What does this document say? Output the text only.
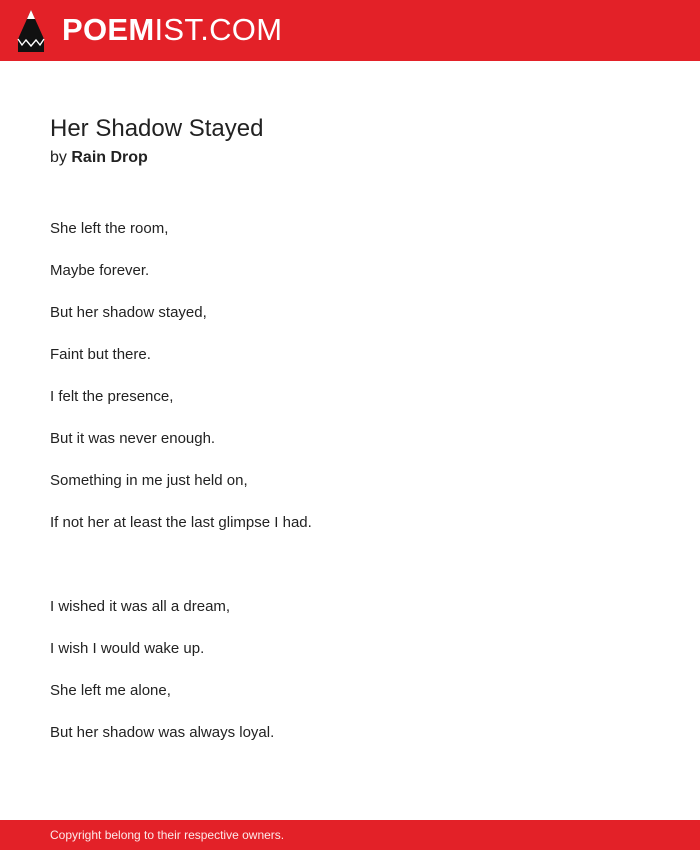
POEMIST.COM
Her Shadow Stayed
by Rain Drop
She left the room,
Maybe forever.
But her shadow stayed,
Faint but there.
I felt the presence,
But it was never enough.
Something in me just held on,
If not her at least the last glimpse I had.
I wished it was all a dream,
I wish I would wake up.
She left me alone,
But her shadow was always loyal.
Copyright belong to their respective owners.
